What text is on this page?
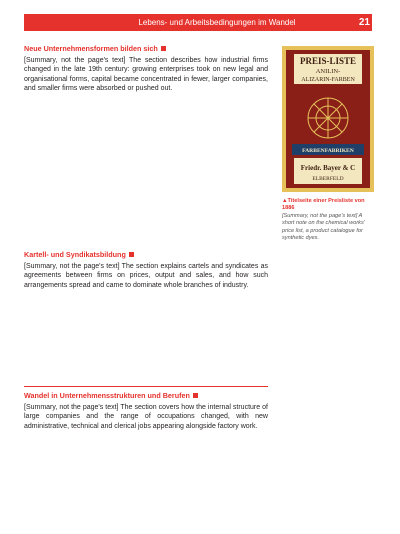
Lebens- und Arbeitsbedingungen im Wandel	21

Neue Unternehmensformen bilden sich

[Summary, not the page's text] The section describes how industrial firms changed in the late 19th century: growing enterprises took on new legal and organisational forms, capital became concentrated in fewer, larger companies, and smaller firms were absorbed or pushed out.

Kartell- und Syndikatsbildung

[Summary, not the page's text] The section explains cartels and syndicates as agreements between firms on prices, output and sales, and how such arrangements spread and came to dominate whole branches of industry.

Wandel in Unternehmensstrukturen und Berufen

[Summary, not the page's text] The section covers how the internal structure of large companies and the range of occupations changed, with new administrative, technical and clerical jobs appearing alongside factory work.

PREIS-LISTE
ANILIN-
ALIZARIN-FARBEN
FARBENFABRIKEN
Friedr. Bayer & C
ELBERFELD
▲ Titelseite einer Preisliste von 1886
[Summary, not the page's text] A short note on the chemical works' price list, a product catalogue for synthetic dyes.
